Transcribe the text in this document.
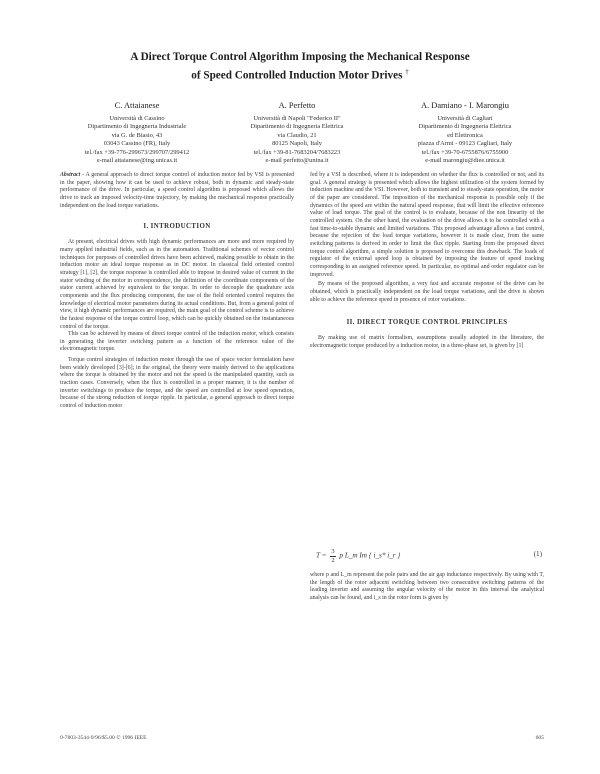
A Direct Torque Control Algorithm Imposing the Mechanical Response
of Speed Controlled Induction Motor Drives †
C. Attaianese
Università di Cassino
Dipartimento di Ingegneria Industriale
via G. de Biasio, 43
03043 Cassino (FR), Italy
tel./fax +39-776-299673/299707/299412
e-mail attaianese@ing.unicas.it
A. Perfetto
Università di Napoli "Federico II"
Dipartimento di Ingegneria Elettrica
via Claudio, 21
80125 Napoli, Italy
tel./fax +39-81-7683204/7683223
e-mail perfetto@unina.it
A. Damiano - I. Marongiu
Università di Cagliari
Dipartimento di Ingegneria Elettrica
ed Elettronica
piazza d'Armi - 09123 Cagliari, Italy
tel./fax +39-70-6755876/6755900
e-mail marongiu@diee.unica.it

Abstract - A general approach to direct torque control of induction motor fed by VSI is presented in the paper, showing how it can be used to achieve robust, both in dynamic and steady-state performance of the drive. In particular, a speed control algorithm is proposed which allows the drive to track an imposed velocity-time trajectory, by making the mechanical response practically independent on the load torque variations.

I. INTRODUCTION

At present, electrical drives with high dynamic performances are more and more required by many applied industrial fields, such as in the automation. Traditional schemes of vector control techniques for purposes of controlled drives have been achieved, making possible to obtain in the induction motor an ideal torque response as in DC motor. In classical field oriented control strategy [1], [2], the torque response is controlled able to impose in desired value of current in the stator winding of the motor in correspondence, the definition of the coordinate components of the stator current achieved by equivalent to the torque. In order to decouple the quadrature axis components and the flux producing component, the use of the field oriented control requires the knowledge of electrical motor parameters during its actual conditions. But, from a general point of view, it high dynamic performances are required, the main goal of the control scheme is to achieve the fastest response of the torque control loop, which can be quickly obtained on the instantaneous control of the torque.

This can be achieved by means of direct torque control of the induction motor, which consists in generating the inverter switching pattern as a function of the reference value of the electromagnetic torque.

Torque control strategies of induction motor through the use of space vector formulation have been widely developed [3]-[6]; in the original, the theory were mainly derived to the applications where the torque is obtained by the motor and not the speed is the manipulated quantity, such as traction cases. Conversely, when the flux is controlled in a proper manner, it is the number of inverter switchings to produce the torque, and the speed are controlled at low speed operation, because of the strong reduction of torque ripple. In particular, a general approach to direct torque control of induction motor

fed by a VSI is described, where it is independent on whether the flux is controlled or not, and its goal. A general strategy is presented which allows the highest utilization of the system formed by induction machine and the VSI. However, both to transient and to steady-state operation, the motor of the paper are considered. The imposition of the mechanical response is possible only if the dynamics of the speed are within the natural speed response, that will limit the effective reference value of load torque. The goal of the control is to evaluate, because of the non linearity of the controlled system. On the other hand, the evaluation of the drive allows it to be controlled with a fast time-to-stable dynamic and limited variations. This proposed advantage allows a fast control, because the rejection of the load torque variations, however it is made clear, from the same switching patterns is derived in order to limit the flux ripple. Starting from the proposed direct torque control algorithm, a simple solution is proposed to overcome this drawback. The loads of regulator of the external speed loop is obtained by imposing the feature of speed tracking corresponding to an assigned reference speed. In particular, no optimal and order regulator can be improved.

By means of the proposed algorithm, a very fast and accurate response of the drive can be obtained, which is practically independent on the load torque variations, and the drive is shown able to achieve the reference speed in presence of rotor variations.

II. DIRECT TORQUE CONTROL PRINCIPLES

By making use of matrix formalism, assumptions usually adopted in the literature, the electromagnetic torque produced by a induction motor, in a three-phase set, is given by [1]

$T = \frac{3}{2}$ p L_m Im { i_s* i_r }	(1)

where p and L_m represent the pole pairs and the air gap inductance respectively. By using with T, the length of the rotor adjacent switching between two consecutive switching patterns of the leading inverter and assuming the angular velocity of the motor in this interval the analytical analysis can be found, and i_s in the rotor form is given by

0-7803-3544-9/96/$5.00 © 1996 IEEE	605
